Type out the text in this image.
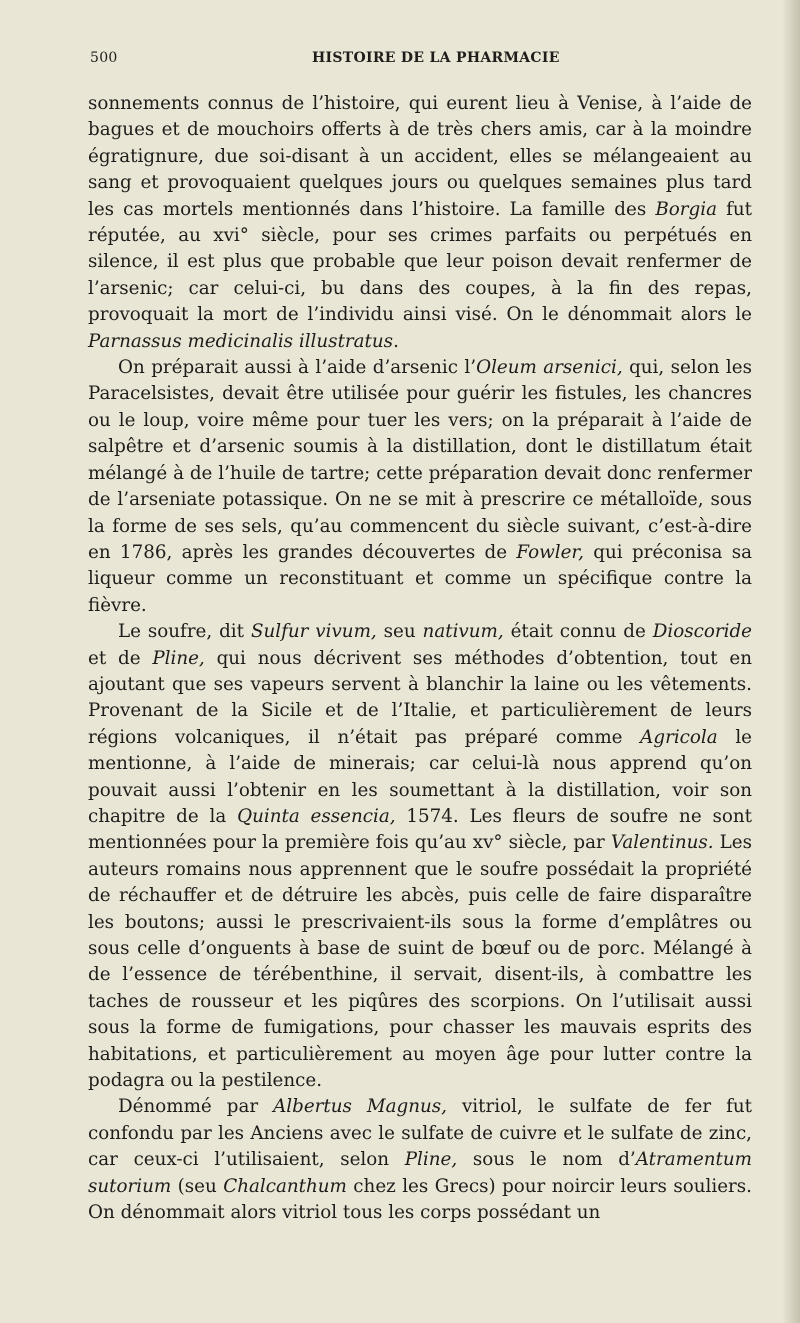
500	HISTOIRE DE LA PHARMACIE

sonnements connus de l’histoire, qui eurent lieu à Venise, à l’aide de bagues et de mouchoirs offerts à de très chers amis, car à la moindre égratignure, due soi-disant à un accident, elles se mélangeaient au sang et provoquaient quelques jours ou quelques semaines plus tard les cas mortels mentionnés dans l’histoire. La famille des Borgia fut réputée, au xvi° siècle, pour ses crimes parfaits ou perpétués en silence, il est plus que probable que leur poison devait renfermer de l’arsenic; car celui-ci, bu dans des coupes, à la fin des repas, provoquait la mort de l’individu ainsi visé. On le dénommait alors le Parnassus medicinalis illustratus.

On préparait aussi à l’aide d’arsenic l’Oleum arsenici, qui, selon les Paracelsistes, devait être utilisée pour guérir les fistules, les chancres ou le loup, voire même pour tuer les vers; on la préparait à l’aide de salpêtre et d’arsenic soumis à la distillation, dont le distillatum était mélangé à de l’huile de tartre; cette préparation devait donc renfermer de l’arseniate potassique. On ne se mit à prescrire ce métalloïde, sous la forme de ses sels, qu’au commencent du siècle suivant, c’est-à-dire en 1786, après les grandes découvertes de Fowler, qui préconisa sa liqueur comme un reconstituant et comme un spécifique contre la fièvre.

Le soufre, dit Sulfur vivum, seu nativum, était connu de Dioscoride et de Pline, qui nous décrivent ses méthodes d’obtention, tout en ajoutant que ses vapeurs servent à blanchir la laine ou les vêtements. Provenant de la Sicile et de l’Italie, et particulièrement de leurs régions volcaniques, il n’était pas préparé comme Agricola le mentionne, à l’aide de minerais; car celui-là nous apprend qu’on pouvait aussi l’obtenir en les soumettant à la distillation, voir son chapitre de la Quinta essencia, 1574. Les fleurs de soufre ne sont mentionnées pour la première fois qu’au xv° siècle, par Valentinus. Les auteurs romains nous apprennent que le soufre possédait la propriété de réchauffer et de détruire les abcès, puis celle de faire disparaître les boutons; aussi le prescrivaient-ils sous la forme d’emplâtres ou sous celle d’onguents à base de suint de bœuf ou de porc. Mélangé à de l’essence de térébenthine, il servait, disent-ils, à combattre les taches de rousseur et les piqûres des scorpions. On l’utilisait aussi sous la forme de fumigations, pour chasser les mauvais esprits des habitations, et particulièrement au moyen âge pour lutter contre la podagra ou la pestilence.

Dénommé par Albertus Magnus, vitriol, le sulfate de fer fut confondu par les Anciens avec le sulfate de cuivre et le sulfate de zinc, car ceux-ci l’utilisaient, selon Pline, sous le nom d’Atramentum sutorium (seu Chalcanthum chez les Grecs) pour noircir leurs souliers. On dénommait alors vitriol tous les corps possédant un
